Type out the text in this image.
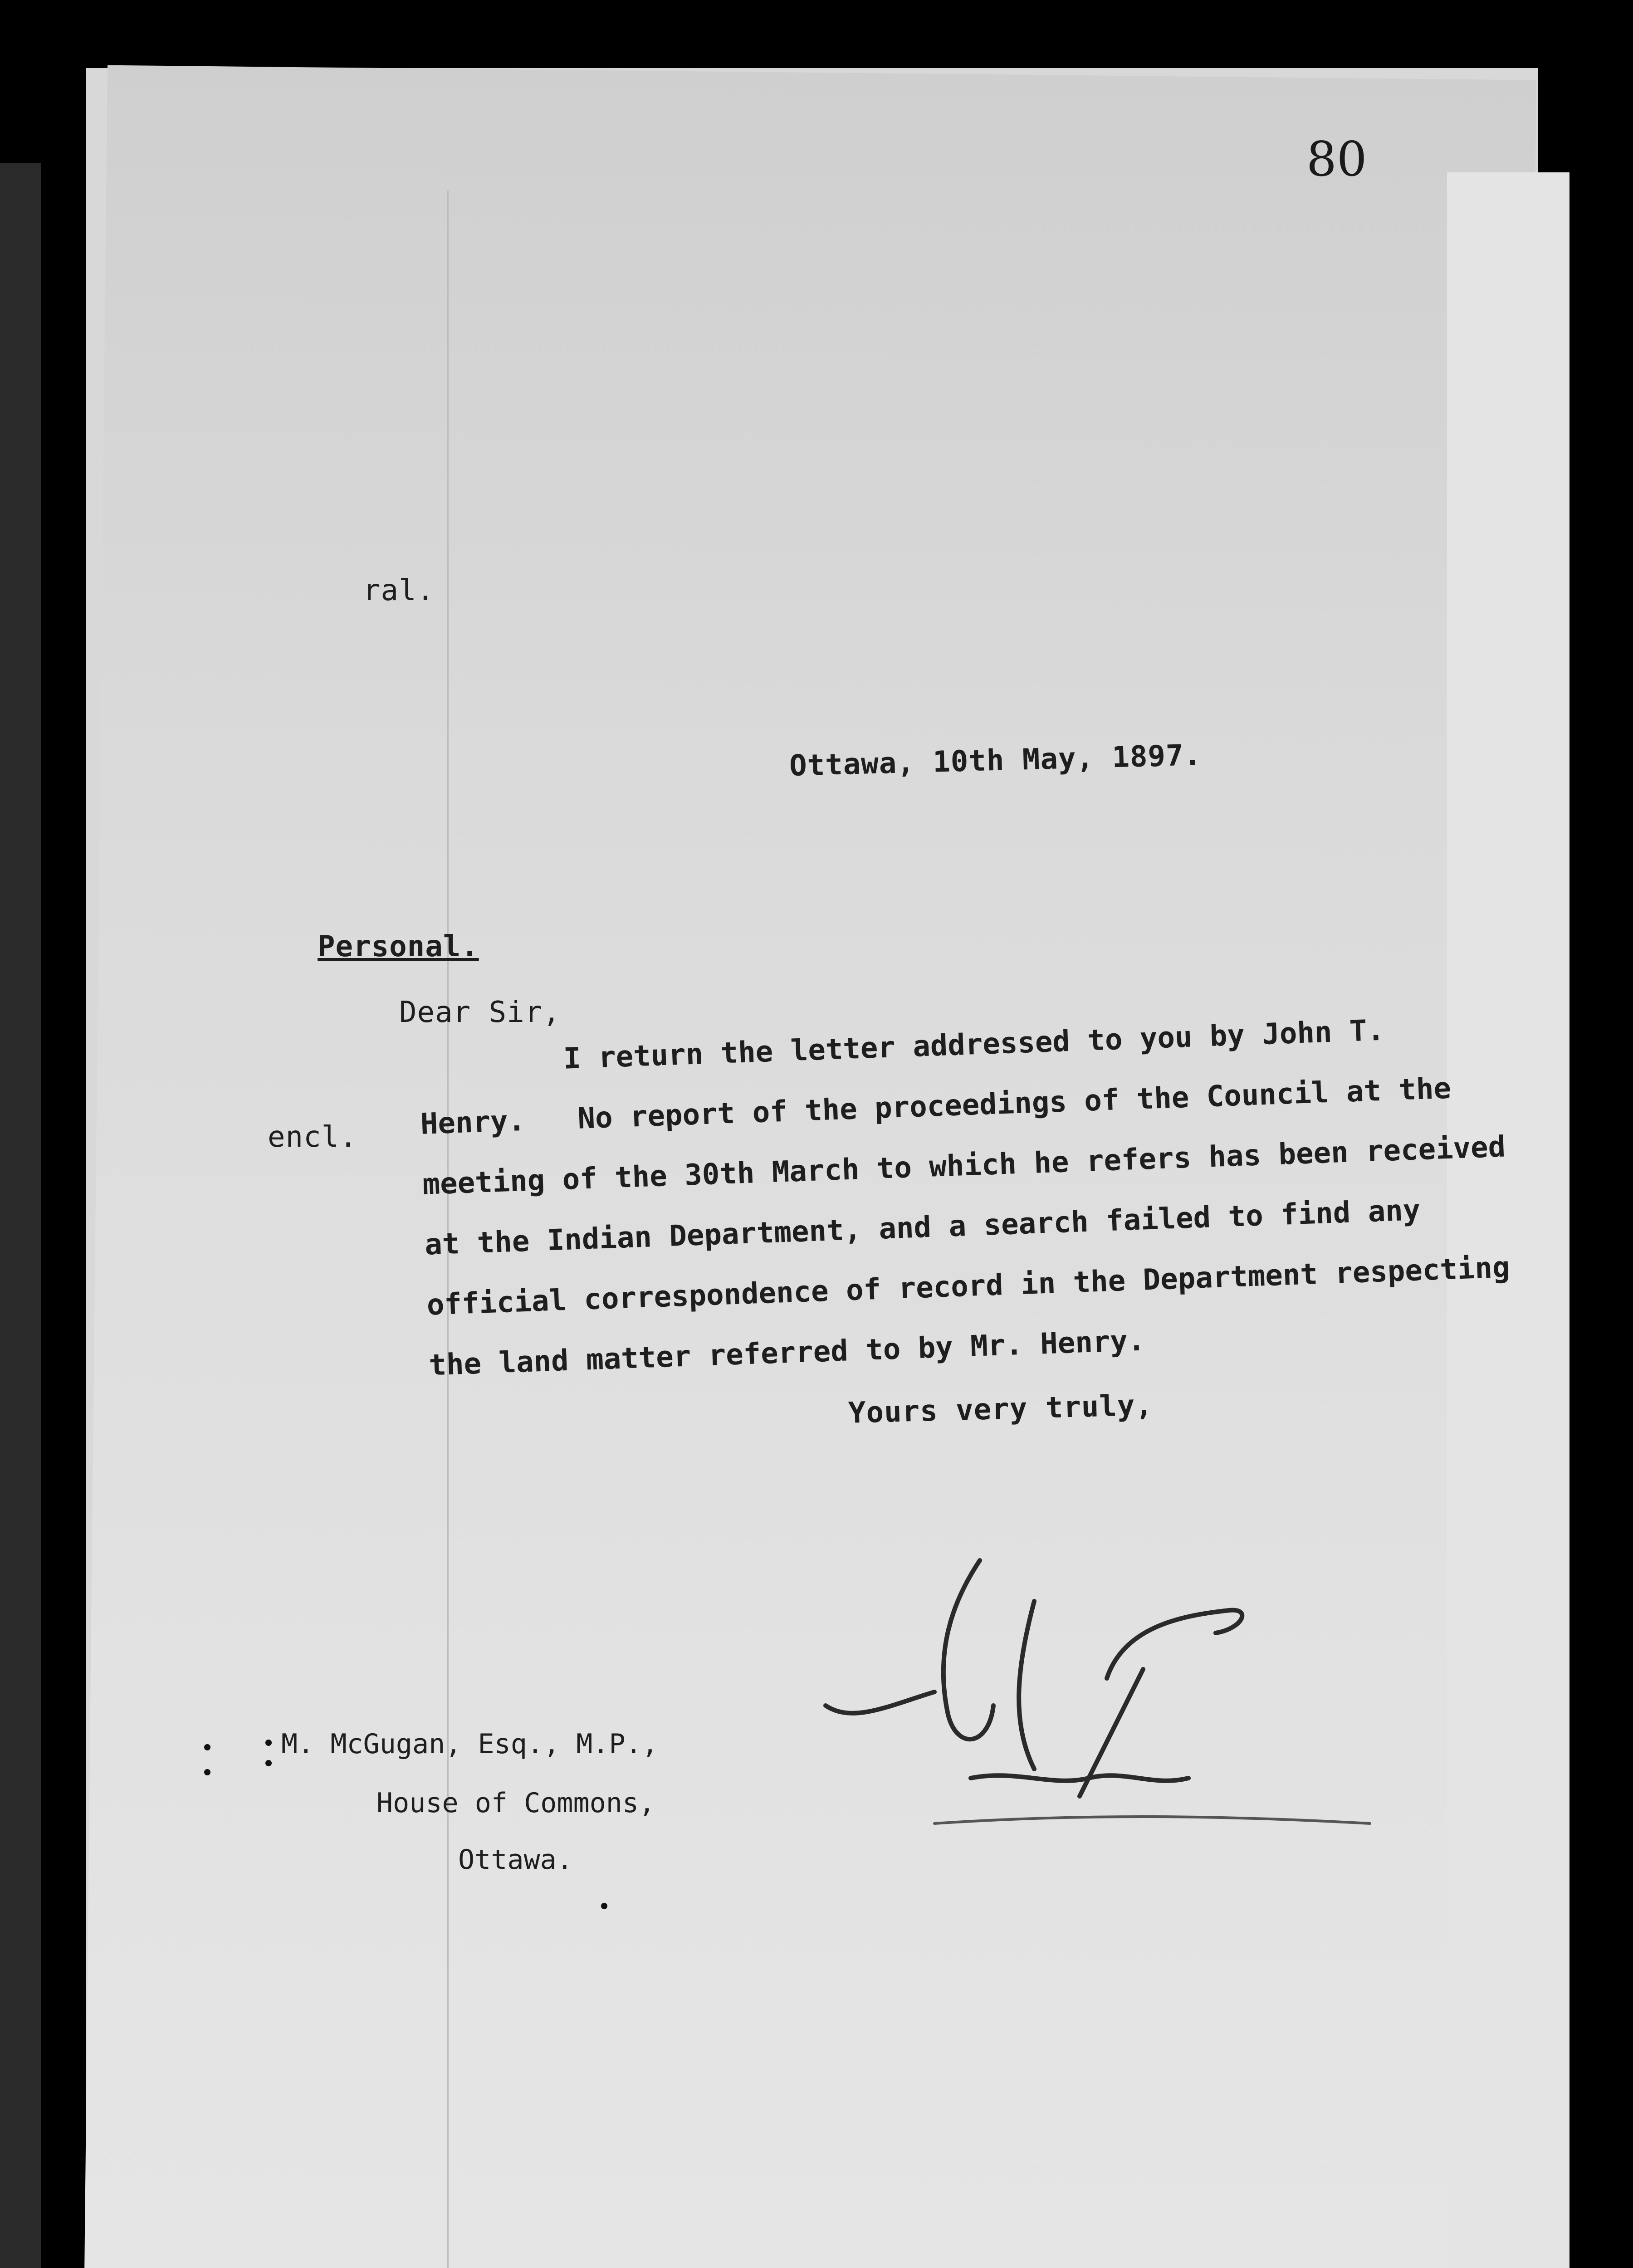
80
ral.
Ottawa, 10th May, 1897.
Personal.
Dear Sir,
encl.
I return the letter addressed to you by John T.
Henry.   No report of the proceedings of the Council at the
meeting of the 30th March to which he refers has been received
at the Indian Department, and a search failed to find any
official correspondence of record in the Department respecting
the land matter referred to by Mr. Henry.
Yours very truly,
M. McGugan, Esq., M.P.,
House of Commons,
Ottawa.
